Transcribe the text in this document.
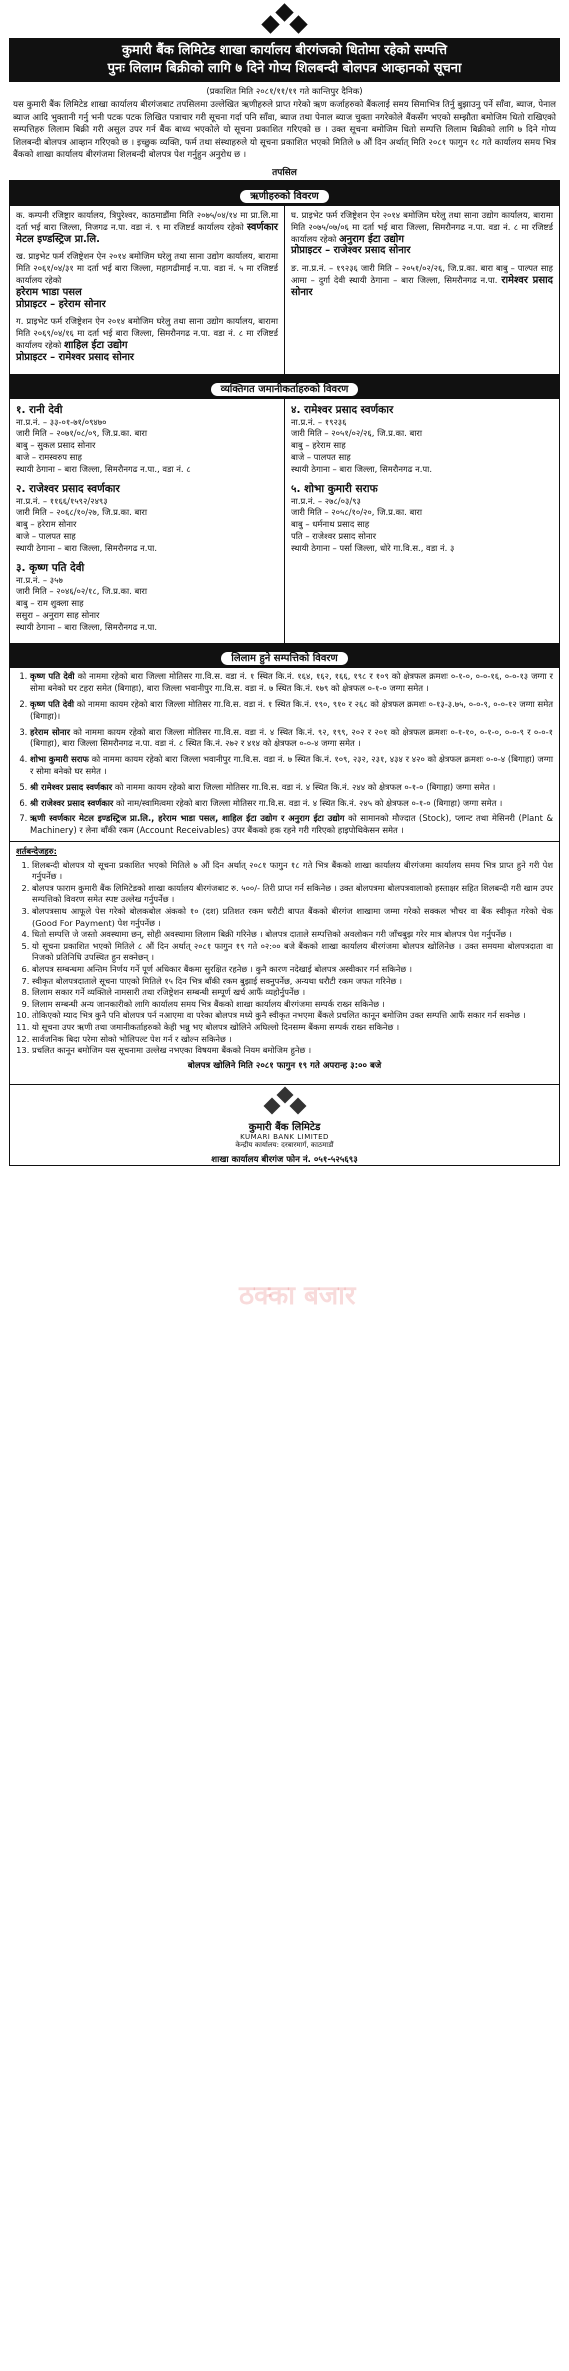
कुमारी बैंक लिमिटेड शाखा कार्यालय बीरगंजको धितोमा रहेको सम्पत्ति
पुनः लिलाम बिक्रीको लागि ७ दिने गोप्य शिलबन्दी बोलपत्र आव्हानको सूचना
(प्रकाशित मिति २०८१/११/११ गते कान्तिपुर दैनिक)
यस कुमारी बैंक लिमिटेड शाखा कार्यालय बीरगंजबाट तपसिलमा उल्लेखित ऋणीहरुले प्राप्त गरेको ऋण कर्जाहरुको बैंकलाई समय सिमाभित्र तिर्नु बुझाउनु पर्ने साँवा, ब्याज, पेनाल ब्याज आदि भुक्तानी गर्नु भनी पटक पटक लिखित पत्राचार गरी सूचना गर्दा पनि साँवा, ब्याज तथा पेनाल ब्याज चुक्ता नगरेकोले बैंकसँग भएको सम्झौता बमोजिम धितो राखिएको सम्पत्तिहरु लिलाम बिक्री गरी असुल उपर गर्न बैंक बाध्य भएकोले यो सूचना प्रकाशित गरिएको छ । उक्त सूचना बमोजिम धितो सम्पत्ति लिलाम बिक्रीको लागि ७ दिने गोप्य शिलबन्दी बोलपत्र आव्हान गरिएको छ । इच्छुक व्यक्ति, फर्म तथा संस्थाहरुले यो सूचना प्रकाशित भएको मितिले ७ औं दिन अर्थात् मिति २०८१ फागुन १८ गते कार्यालय समय भित्र बैंकको शाखा कार्यालय बीरगंजमा शिलबन्दी बोलपत्र पेश गर्नुहुन अनुरोध छ ।
तपसिल
ऋणीहरुको विवरण
क. कम्पनी रजिष्ट्रार कार्यालय, त्रिपुरेश्वर, काठमाडौंमा मिति २०७५/०४/१४ मा प्रा.लि.मा दर्ता भई बारा जिल्ला, निजगढ न.पा. वडा नं. ९ मा रजिष्टर्ड कार्यालय रहेको स्वर्णकार मेटल इण्डस्ट्रिज प्रा.लि.
ख. प्राइभेट फर्म रजिष्ट्रेशन ऐन २०१४ बमोजिम घरेलु तथा साना उद्योग कार्यालय, बारामा मिति २०६१/०४/३१ मा दर्ता भई बारा जिल्ला, महागढीमाई न.पा. वडा नं. ५ मा रजिष्टर्ड कार्यालय रहेको
हरेराम भाडा पसल
प्रोप्राइटर – हरेराम सोनार
ग. प्राइभेट फर्म रजिष्ट्रेशन ऐन २०१४ बमोजिम घरेलु तथा साना उद्योग कार्यालय, बारामा मिति २०६९/०४/१६ मा दर्ता भई बारा जिल्ला, सिमरौनगढ न.पा. वडा नं. ८ मा रजिष्टर्ड कार्यालय रहेको शाहिल ईटा उद्योग
प्रोप्राइटर – रामेश्वर प्रसाद सोनार
घ. प्राइभेट फर्म रजिष्ट्रेशन ऐन २०१४ बमोजिम घरेलु तथा साना उद्योग कार्यालय, बारामा मिति २०७५/०७/०६ मा दर्ता भई बारा जिल्ला, सिमरौनगढ न.पा. वडा नं. ८ मा रजिष्टर्ड कार्यालय रहेको अनुराग ईटा उद्योग
प्रोप्राइटर – राजेश्वर प्रसाद सोनार
ङ. ना.प्र.नं. – १९२३६ जारी मिति – २०५१/०२/२६, जि.प्र.का. बारा बाबु – पाल्पत साह आमा – दुर्गा देवी स्थायी ठेगाना – बारा जिल्ला, सिमरौनगढ न.पा. रामेश्वर प्रसाद सोनार
व्यक्तिगत जमानीकर्ताहरुको विवरण
१. रानी देवी
ना.प्र.नं. – ३३-०१-७१/०९४७०
जारी मिति – २०७१/०८/०९, जि.प्र.का. बारा
बाबु – सुकल प्रसाद सोनार
बाजे – रामस्वरुप साह
स्थायी ठेगाना – बारा जिल्ला, सिमरौनगढ न.पा., वडा नं. ८
२. राजेश्वर प्रसाद स्वर्णकार
ना.प्र.नं. – ११६६/१५९२/२४९३
जारी मिति – २०६८/१०/२७, जि.प्र.का. बारा
बाबु – हरेराम सोनार
बाजे – पालपत साह
स्थायी ठेगाना – बारा जिल्ला, सिमरौनगढ न.पा.
३. कृष्ण पति देवी
ना.प्र.नं. – ३५७
जारी मिति – २०४६/०२/१८, जि.प्र.का. बारा
बाबु – राम शुक्ला साह
ससुरा – अनुराग साह सोनार
स्थायी ठेगाना – बारा जिल्ला, सिमरौनगढ न.पा.
४. रामेश्वर प्रसाद स्वर्णकार
ना.प्र.नं. – १९२३६
जारी मिति – २०५१/०२/२६, जि.प्र.का. बारा
बाबु – हरेराम साह
बाजे – पालपत साह
स्थायी ठेगाना – बारा जिल्ला, सिमरौनगढ न.पा.
५. शोभा कुमारी सराफ
ना.प्र.नं. – २७८/०३/९३
जारी मिति – २०५८/१०/२०, जि.प्र.का. बारा
बाबु – धर्मनाथ प्रसाद साह
पति – राजेश्वर प्रसाद सोनार
स्थायी ठेगाना – पर्सा जिल्ला, धोरे गा.वि.स., वडा नं. ३
लिलाम हुने सम्पत्तिको विवरण
1. कृष्ण पति देवी को नाममा रहेको बारा जिल्ला मोतिसर गा.वि.स. वडा नं. १ स्थित कि.नं. १६४, १६२, १६६, १९८ र १०९ को क्षेत्रफल क्रमशः ०-१-०, ०-०-१६, ०-०-१३ जग्गा र सोमा बनेको घर टहरा समेत (बिगाहा), बारा जिल्ला भवानीपुर गा.वि.स. वडा नं. ७ स्थित कि.नं. १७९ को क्षेत्रफल ०-१-० जग्गा समेत ।
2. कृष्ण पति देवी को नाममा कायम रहेको बारा जिल्ला मोतिसर गा.वि.स. वडा नं. १ स्थित कि.नं. १९०, ९१० र २६८ को क्षेत्रफल क्रमशः ०-१३-३.७५, ०-०-९, ०-०-१२ जग्गा समेत (बिगाहा)।
3. हरेराम सोनार को नाममा कायम रहेको बारा जिल्ला मोतिसर गा.वि.स. वडा नं. ४ स्थित कि.नं. ९२, १९९, २०२ र २०१ को क्षेत्रफल क्रमशः ०-१-१०, ०-१-०, ०-०-९ र ०-०-१ (बिगाहा), बारा जिल्ला सिमरौनगढ न.पा. वडा नं. ८ स्थित कि.नं. २७२ र ४१४ को क्षेत्रफल ०-०-४ जग्गा समेत ।
4. शोभा कुमारी सराफ को नाममा कायम रहेको बारा जिल्ला भवानीपुर गा.वि.स. वडा नं. ७ स्थित कि.नं. १०९, २३२, २३१, ४३४ र ४२० को क्षेत्रफल क्रमशः ०-०-४ (बिगाहा) जग्गा र सोमा बनेको घर समेत ।
5. श्री रामेश्वर प्रसाद स्वर्णकार को नाममा कायम रहेको बारा जिल्ला मोतिसर गा.वि.स. वडा नं. ४ स्थित कि.नं. २४४ को क्षेत्रफल ०-१-० (बिगाहा) जग्गा समेत ।
6. श्री राजेश्वर प्रसाद स्वर्णकार को नाम/स्वामित्वमा रहेको बारा जिल्ला मोतिसर गा.वि.स. वडा नं. ४ स्थित कि.नं. २४५ को क्षेत्रफल ०-१-० (बिगाहा) जग्गा समेत ।
7. ऋणी स्वर्णकार मेटल इण्डस्ट्रिज प्रा.लि., हरेराम भाडा पसल, शाहिल ईटा उद्योग र अनुराग ईटा उद्योग को सामानको मौज्दात (Stock), प्लान्ट तथा मेसिनरी (Plant & Machinery) र लेना बाँकी रकम (Account Receivables) उपर बैंकको हक रहने गरी गरिएको हाइपोथिकेसन समेत ।
शर्तबन्देजहरु:
1. शिलबन्दी बोलपत्र यो सूचना प्रकाशित भएको मितिले ७ औं दिन अर्थात् २०८१ फागुन १८ गते भित्र बैंकको शाखा कार्यालय बीरगंजमा कार्यालय समय भित्र प्राप्त हुने गरी पेश गर्नुपर्नेछ ।
2. बोलपत्र फाराम कुमारी बैंक लिमिटेडको शाखा कार्यालय बीरगंजबाट रु. ५००/- तिरी प्राप्त गर्न सकिनेछ । उक्त बोलपत्रमा बोलपत्रवालाको हस्ताक्षर सहित शिलबन्दी गरी खाम उपर सम्पत्तिको विवरण समेत स्पष्ट उल्लेख गर्नुपर्नेछ ।
3. बोलपत्रसाथ आफूले पेस गरेको बोलकबोल अंकको १० (दश) प्रतिशत रकम धरौटी बापत बैंकको बीरगंज शाखामा जम्मा गरेको सक्कल भौचर वा बैंक स्वीकृत गरेको चेक (Good For Payment) पेश गर्नुपर्नेछ ।
4. धितो सम्पत्ति जे जस्तो अवस्थामा छन्, सोही अवस्थामा लिलाम बिक्री गरिनेछ । बोलपत्र दाताले सम्पत्तिको अवलोकन गरी जाँचबुझ गरेर मात्र बोलपत्र पेश गर्नुपर्नेछ ।
5. यो सूचना प्रकाशित भएको मितिले ८ औं दिन अर्थात् २०८१ फागुन १९ गते ०२:०० बजे बैंकको शाखा कार्यालय बीरगंजमा बोलपत्र खोलिनेछ । उक्त समयमा बोलपत्रदाता वा निजको प्रतिनिधि उपस्थित हुन सक्नेछन् ।
6. बोलपत्र सम्बन्धमा अन्तिम निर्णय गर्ने पूर्ण अधिकार बैंकमा सुरक्षित रहनेछ । कुनै कारण नदेखाई बोलपत्र अस्वीकार गर्न सकिनेछ ।
7. स्वीकृत बोलपत्रदाताले सूचना पाएको मितिले १५ दिन भित्र बाँकी रकम बुझाई सक्नुपर्नेछ, अन्यथा धरौटी रकम जफत गरिनेछ ।
8. लिलाम सकार गर्ने व्यक्तिले नामसारी तथा रजिष्ट्रेशन सम्बन्धी सम्पूर्ण खर्च आफैं व्यहोर्नुपर्नेछ ।
9. लिलाम सम्बन्धी अन्य जानकारीको लागि कार्यालय समय भित्र बैंकको शाखा कार्यालय बीरगंजमा सम्पर्क राख्न सकिनेछ ।
10. तोकिएको म्याद भित्र कुनै पनि बोलपत्र पर्न नआएमा वा परेका बोलपत्र मध्ये कुनै स्वीकृत नभएमा बैंकले प्रचलित कानून बमोजिम उक्त सम्पत्ति आफैं सकार गर्न सक्नेछ ।
11. यो सूचना उपर ऋणी तथा जमानीकर्ताहरुको केही भन्नु भए बोलपत्र खोलिने अघिल्लो दिनसम्म बैंकमा सम्पर्क राख्न सकिनेछ ।
12. सार्वजनिक बिदा परेमा सोको भोलिपल्ट पेश गर्न र खोल्न सकिनेछ ।
13. प्रचलित कानून बमोजिम यस सूचनामा उल्लेख नभएका विषयमा बैंकको नियम बमोजिम हुनेछ ।
बोलपत्र खोलिने मिति २०८१ फागुन १९ गते अपरान्ह ३:०० बजे
कुमारी बैंक लिमिटेड
KUMARI BANK LIMITED
केन्द्रीय कार्यालय: दरबारमार्ग, काठमाडौं
शाखा कार्यालय बीरगंज फोन नं. ०५१-५२५६९३
ठक्का बजार
